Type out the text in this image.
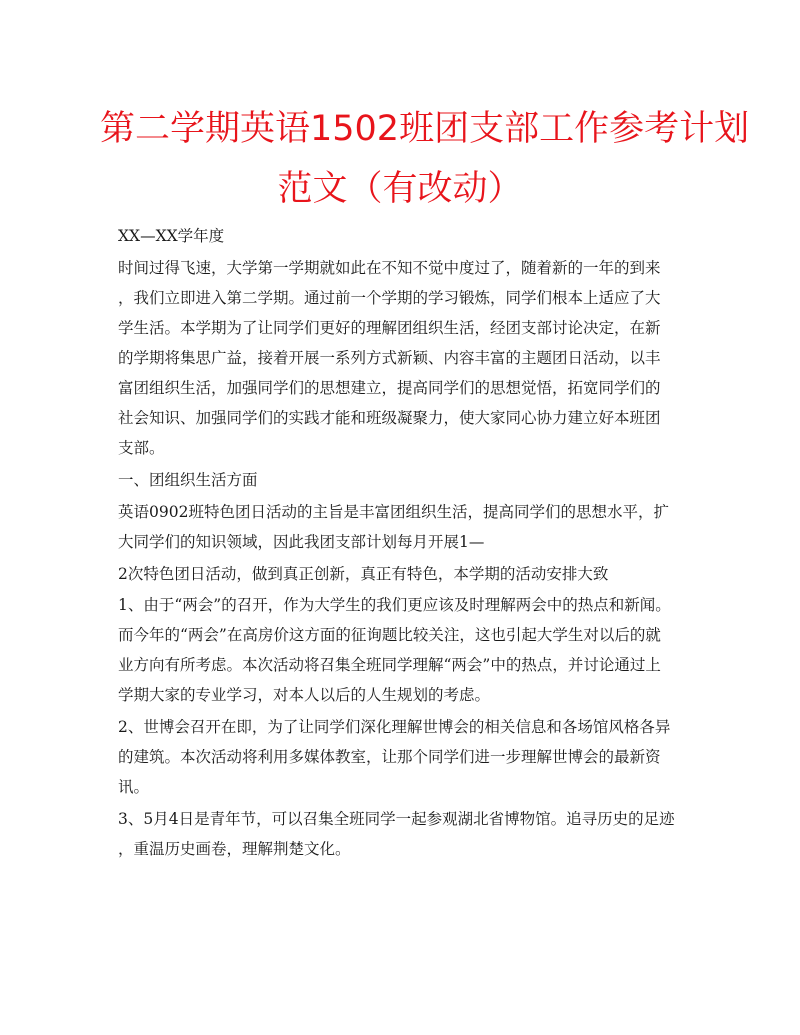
第二学期英语1502班团支部工作参考计划
范文（有改动）
XX—XX学年度
时间过得飞速，大学第一学期就如此在不知不觉中度过了，随着新的一年的到来
，我们立即进入第二学期。通过前一个学期的学习锻炼，同学们根本上适应了大
学生活。本学期为了让同学们更好的理解团组织生活，经团支部讨论决定，在新
的学期将集思广益，接着开展一系列方式新颖、内容丰富的主题团日活动，以丰
富团组织生活，加强同学们的思想建立，提高同学们的思想觉悟，拓宽同学们的
社会知识、加强同学们的实践才能和班级凝聚力，使大家同心协力建立好本班团
支部。
一、团组织生活方面
英语0902班特色团日活动的主旨是丰富团组织生活，提高同学们的思想水平，扩
大同学们的知识领域，因此我团支部计划每月开展1—
2次特色团日活动，做到真正创新，真正有特色，本学期的活动安排大致
1、由于“两会”的召开，作为大学生的我们更应该及时理解两会中的热点和新闻。
而今年的“两会”在高房价这方面的征询题比较关注，这也引起大学生对以后的就
业方向有所考虑。本次活动将召集全班同学理解“两会”中的热点，并讨论通过上
学期大家的专业学习，对本人以后的人生规划的考虑。
2、世博会召开在即，为了让同学们深化理解世博会的相关信息和各场馆风格各异
的建筑。本次活动将利用多媒体教室，让那个同学们进一步理解世博会的最新资
讯。
3、5月4日是青年节，可以召集全班同学一起参观湖北省博物馆。追寻历史的足迹
，重温历史画卷，理解荆楚文化。
